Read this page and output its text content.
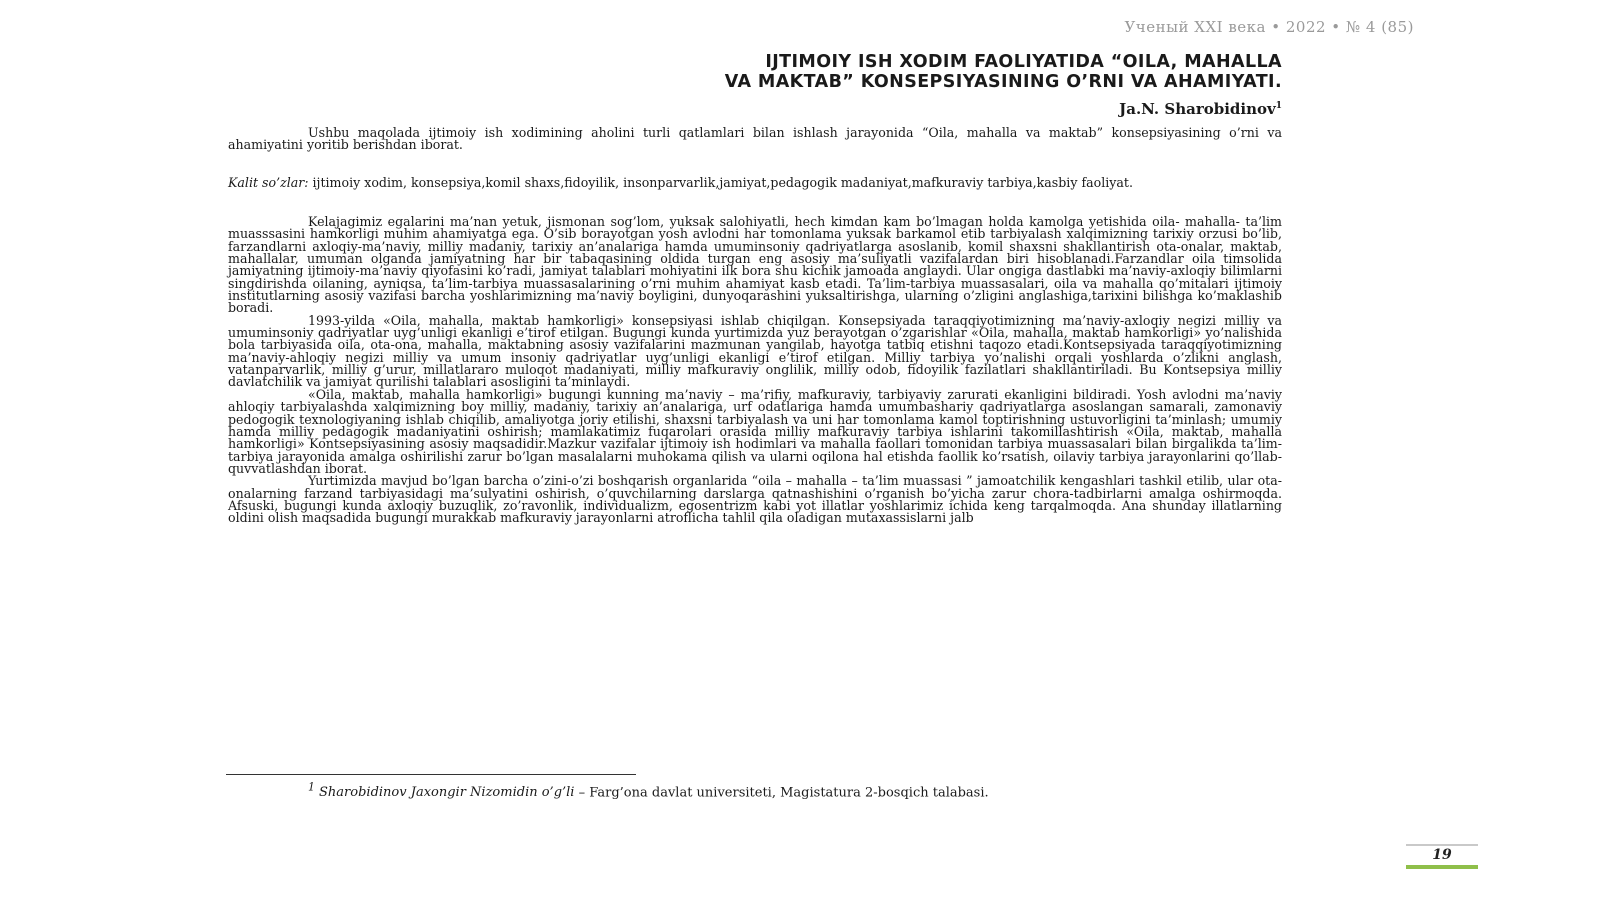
Ученый XXI века • 2022 • № 4 (85)
IJTIMOIY ISH XODIM FAOLIYATIDA “OILA, MAHALLA
VA MAKTAB” KONSEPSIYASINING O’RNI VA AHAMIYATI.
Ja.N. Sharobidinov$^1$

Ushbu maqolada ijtimoiy ish xodimining aholini turli qatlamlari bilan ishlash jarayonida “Oila, mahalla va maktab” konsepsiyasining o’rni va ahamiyatini yoritib berishdan iborat.

Kalit so’zlar: ijtimoiy xodim, konsepsiya,komil shaxs,fidoyilik, insonparvarlik,jamiyat,pedagogik madaniyat,mafkuraviy tarbiya,kasbiy faoliyat.

Kelajagimiz egalarini ma’nan yetuk, jismonan sog’lom, yuksak salohiyatli, hech kimdan kam bo’lmagan holda kamolga yetishida oila- mahalla- ta’lim muasssasini hamkorligi muhim ahamiyatga ega. O’sib borayotgan yosh avlodni har tomonlama yuksak barkamol etib tarbiyalash xalqimizning tarixiy orzusi bo’lib, farzandlarni axloqiy-ma’naviy, milliy madaniy, tarixiy an’analariga hamda umuminsoniy qadriyatlarga asoslanib, komil shaxsni shakllantirish ota-onalar, maktab, mahallalar, umuman olganda jamiyatning har bir tabaqasining oldida turgan eng asosiy ma’suliyatli vazifalardan biri hisoblanadi.Farzandlar oila timsolida jamiyatning ijtimoiy-ma’naviy qiyofasini ko’radi, jamiyat talablari mohiyatini ilk bora shu kichik jamoada anglaydi. Ular ongiga dastlabki ma’naviy-axloqiy bilimlarni singdirishda oilaning, ayniqsa, ta’lim-tarbiya muassasalarining o’rni muhim ahamiyat kasb etadi. Ta’lim-tarbiya muassasalari, oila va mahalla qo’mitalari ijtimoiy institutlarning asosiy vazifasi barcha yoshlarimizning ma’naviy boyligini, dunyoqarashini yuksaltirishga, ularning o’zligini anglashiga,tarixini bilishga ko’maklashib boradi.

1993-yilda «Oila, mahalla, maktab hamkorligi» konsepsiyasi ishlab chiqilgan. Konsepsiyada taraqqiyotimizning ma’naviy-axloqiy negizi milliy va umuminsoniy qadriyatlar uyg’unligi ekanligi e’tirof etilgan. Bugungi kunda yurtimizda yuz berayotgan o’zgarishlar «Oila, mahalla, maktab hamkorligi» yo’nalishida bola tarbiyasida oila, ota-ona, mahalla, maktabning asosiy vazifalarini mazmunan yangilab, hayotga tatbiq etishni taqozo etadi.Kontsepsiyada taraqqiyotimizning ma’naviy-ahloqiy negizi milliy va umum insoniy qadriyatlar uyg’unligi ekanligi e’tirof etilgan. Milliy tarbiya yo’nalishi orqali yoshlarda o’zlikni anglash, vatanparvarlik, milliy g’urur, millatlararo muloqot madaniyati, milliy mafkuraviy onglilik, milliy odob, fidoyilik fazilatlari shakllantiriladi. Bu Kontsepsiya milliy davlatchilik va jamiyat qurilishi talablari asosligini ta’minlaydi.

«Oila, maktab, mahalla hamkorligi» bugungi kunning ma’naviy – ma’rifiy, mafkuraviy, tarbiyaviy zarurati ekanligini bildiradi. Yosh avlodni ma’naviy ahloqiy tarbiyalashda xalqimizning boy milliy, madaniy, tarixiy an’analariga, urf odatlariga hamda umumbashariy qadriyatlarga asoslangan samarali, zamonaviy pedogogik texnologiyaning ishlab chiqilib, amaliyotga joriy etilishi, shaxsni tarbiyalash va uni har tomonlama kamol toptirishning ustuvorligini ta’minlash; umumiy hamda milliy pedagogik madaniyatini oshirish; mamlakatimiz fuqarolari orasida milliy mafkuraviy tarbiya ishlarini takomillashtirish «Oila, maktab, mahalla hamkorligi» Kontsepsiyasining asosiy maqsadidir.Mazkur vazifalar ijtimoiy ish hodimlari va mahalla faollari tomonidan tarbiya muassasalari bilan birgalikda ta’lim-tarbiya jarayonida amalga oshirilishi zarur bo’lgan masalalarni muhokama qilish va ularni oqilona hal etishda faollik ko’rsatish, oilaviy tarbiya jarayonlarini qo’llab-quvvatlashdan iborat.

Yurtimizda mavjud bo’lgan barcha o’zini-o’zi boshqarish organlarida “oila – mahalla – ta’lim muassasi ” jamoatchilik kengashlari tashkil etilib, ular ota-onalarning farzand tarbiyasidagi ma’sulyatini oshirish, o’quvchilarning darslarga qatnashishini o’rganish bo’yicha zarur chora-tadbirlarni amalga oshirmoqda. Afsuski, bugungi kunda axloqiy buzuqlik, zo’ravonlik, individualizm, egosentrizm kabi yot illatlar yoshlarimiz ichida keng tarqalmoqda. Ana shunday illatlarning oldini olish maqsadida bugungi murakkab mafkuraviy jarayonlarni atroflicha tahlil qila oladigan mutaxassislarni jalb

$^1$ Sharobidinov Jaxongir Nizomidin o’g’li – Farg’ona davlat universiteti, Magistatura 2-bosqich talabasi.
19
